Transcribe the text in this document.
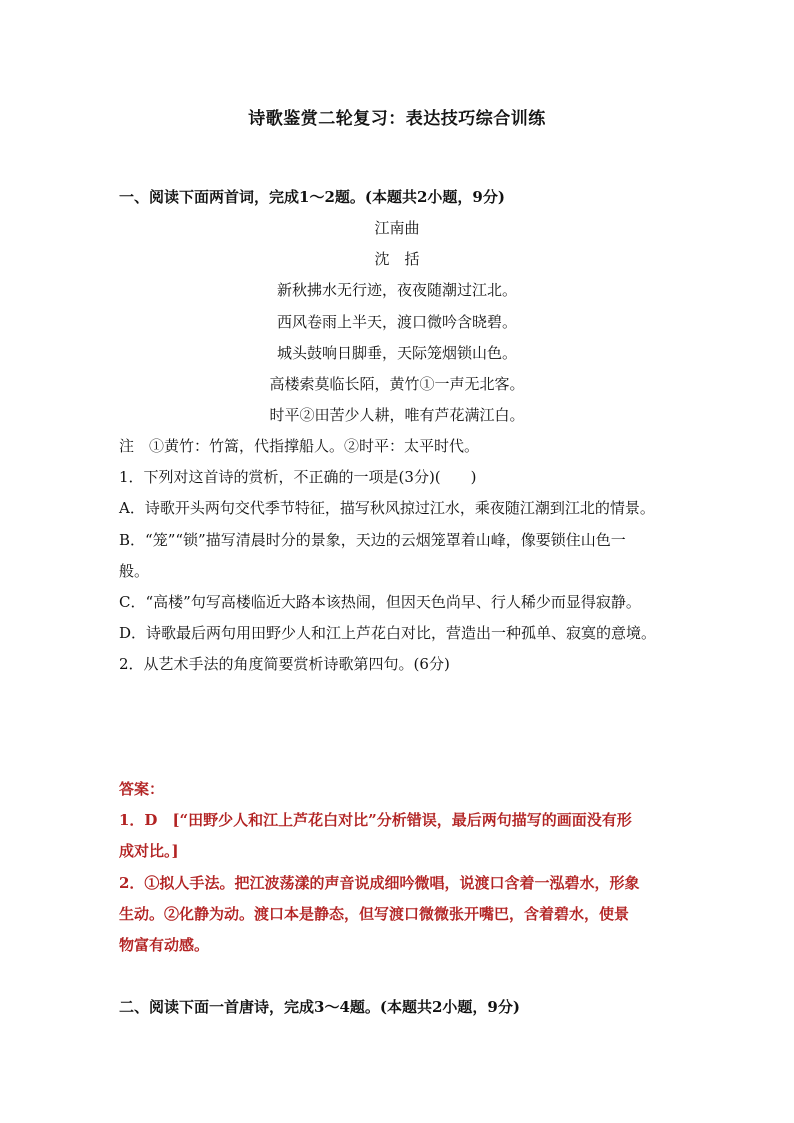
诗歌鉴赏二轮复习：表达技巧综合训练
一、阅读下面两首词，完成1～2题。(本题共2小题，9分)
江南曲
沈　括
新秋拂水无行迹，夜夜随潮过江北。
西风卷雨上半天，渡口微吟含晓碧。
城头鼓响日脚垂，天际笼烟锁山色。
高楼索莫临长陌，黄竹①一声无北客。
时平②田苦少人耕，唯有芦花满江白。
注　①黄竹：竹篙，代指撑船人。②时平：太平时代。
1．下列对这首诗的赏析，不正确的一项是(3分)(　　)
A．诗歌开头两句交代季节特征，描写秋风掠过江水，乘夜随江潮到江北的情景。
B．“笼”“锁”描写清晨时分的景象，天边的云烟笼罩着山峰，像要锁住山色一
般。
C．“高楼”句写高楼临近大路本该热闹，但因天色尚早、行人稀少而显得寂静。
D．诗歌最后两句用田野少人和江上芦花白对比，营造出一种孤单、寂寞的意境。
2．从艺术手法的角度简要赏析诗歌第四句。(6分)
答案：
1．D　[“田野少人和江上芦花白对比”分析错误，最后两句描写的画面没有形
成对比。]
2．①拟人手法。把江波荡漾的声音说成细吟微唱，说渡口含着一泓碧水，形象
生动。②化静为动。渡口本是静态，但写渡口微微张开嘴巴，含着碧水，使景
物富有动感。
二、阅读下面一首唐诗，完成3～4题。(本题共2小题，9分)
